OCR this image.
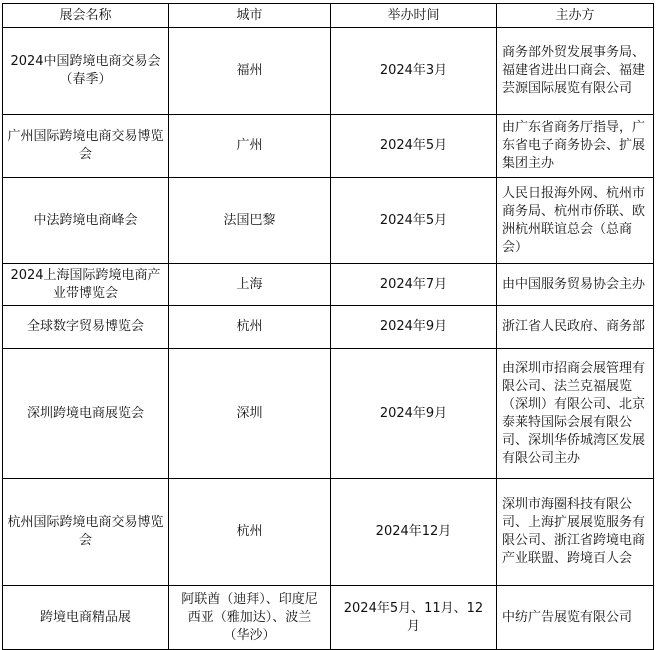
展会名称	城市	举办时间	主办方
2024中国跨境电商交易会（春季）	福州	2024年3月	商务部外贸发展事务局、福建省进出口商会、福建芸源国际展览有限公司
广州国际跨境电商交易博览会	广州	2024年5月	由广东省商务厅指导，广东省电子商务协会、扩展集团主办
中法跨境电商峰会	法国巴黎	2024年5月	人民日报海外网、杭州市商务局、杭州市侨联、欧洲杭州联谊总会（总商会）
2024上海国际跨境电商产业带博览会	上海	2024年7月	由中国服务贸易协会主办
全球数字贸易博览会	杭州	2024年9月	浙江省人民政府、商务部
深圳跨境电商展览会	深圳	2024年9月	由深圳市招商会展管理有限公司、法兰克福展览（深圳）有限公司、北京泰莱特国际会展有限公司、深圳华侨城湾区发展有限公司主办
杭州国际跨境电商交易博览会	杭州	2024年12月	深圳市海圈科技有限公司、上海扩展展览服务有限公司、浙江省跨境电商产业联盟、跨境百人会
跨境电商精品展	阿联酋（迪拜）、印度尼西亚（雅加达）、波兰（华沙）	2024年5月、11月、12月	中纺广告展览有限公司
